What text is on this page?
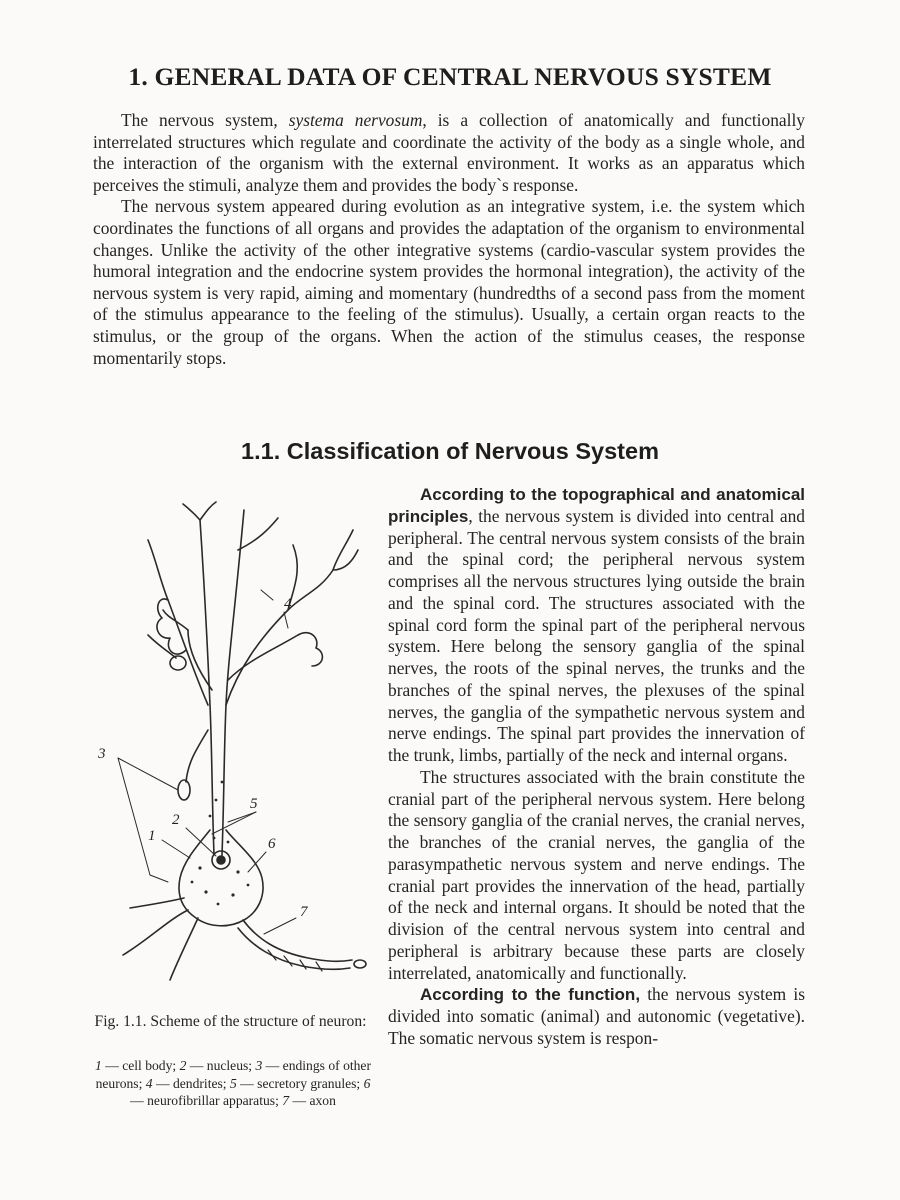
1. GENERAL DATA OF CENTRAL NERVOUS SYSTEM

The nervous system, systema nervosum, is a collection of anatomically and functionally interrelated structures which regulate and coordinate the activity of the body as a single whole, and the interaction of the organism with the external environment. It works as an apparatus which perceives the stimuli, analyze them and provides the body`s response.

The nervous system appeared during evolution as an integrative system, i.e. the system which coordinates the functions of all organs and provides the adaptation of the organism to environmental changes. Unlike the activity of the other integrative systems (cardio-vascular system provides the humoral integration and the endocrine system provides the hormonal integration), the activity of the nervous system is very rapid, aiming and momentary (hundredths of a second pass from the moment of the stimulus appearance to the feeling of the stimulus). Usually, a certain organ reacts to the stimulus, or the group of the organs. When the action of the stimulus ceases, the response momentarily stops.

1.1. Classification of Nervous System

According to the topographical and anatomical principles, the nervous system is divided into central and peripheral. The central nervous system consists of the brain and the spinal cord; the peripheral nervous system comprises all the nervous structures lying outside the brain and the spinal cord. The structures associated with the spinal cord form the spinal part of the peripheral nervous system. Here belong the sensory ganglia of the spinal nerves, the roots of the spinal nerves, the trunks and the branches of the spinal nerves, the plexuses of the spinal nerves, the ganglia of the sympathetic nervous system and nerve endings. The spinal part provides the innervation of the trunk, limbs, partially of the neck and internal organs.

The structures associated with the brain constitute the cranial part of the peripheral nervous system. Here belong the sensory ganglia of the cranial nerves, the cranial nerves, the branches of the cranial nerves, the ganglia of the parasympathetic nervous system and nerve endings. The cranial part provides the innervation of the head, partially of the neck and internal organs. It should be noted that the division of the central nervous system into central and peripheral is arbitrary because these parts are closely interrelated, anatomically and functionally.

According to the function, the nervous system is divided into somatic (animal) and autonomic (vegetative). The somatic nervous system is respon-

4
3
5
2
1	6
7
Fig. 1.1. Scheme of the structure of neuron:
1 — cell body; 2 — nucleus; 3 — endings of other neurons; 4 — dendrites; 5 — secretory granules; 6 — neurofibrillar apparatus; 7 — axon
